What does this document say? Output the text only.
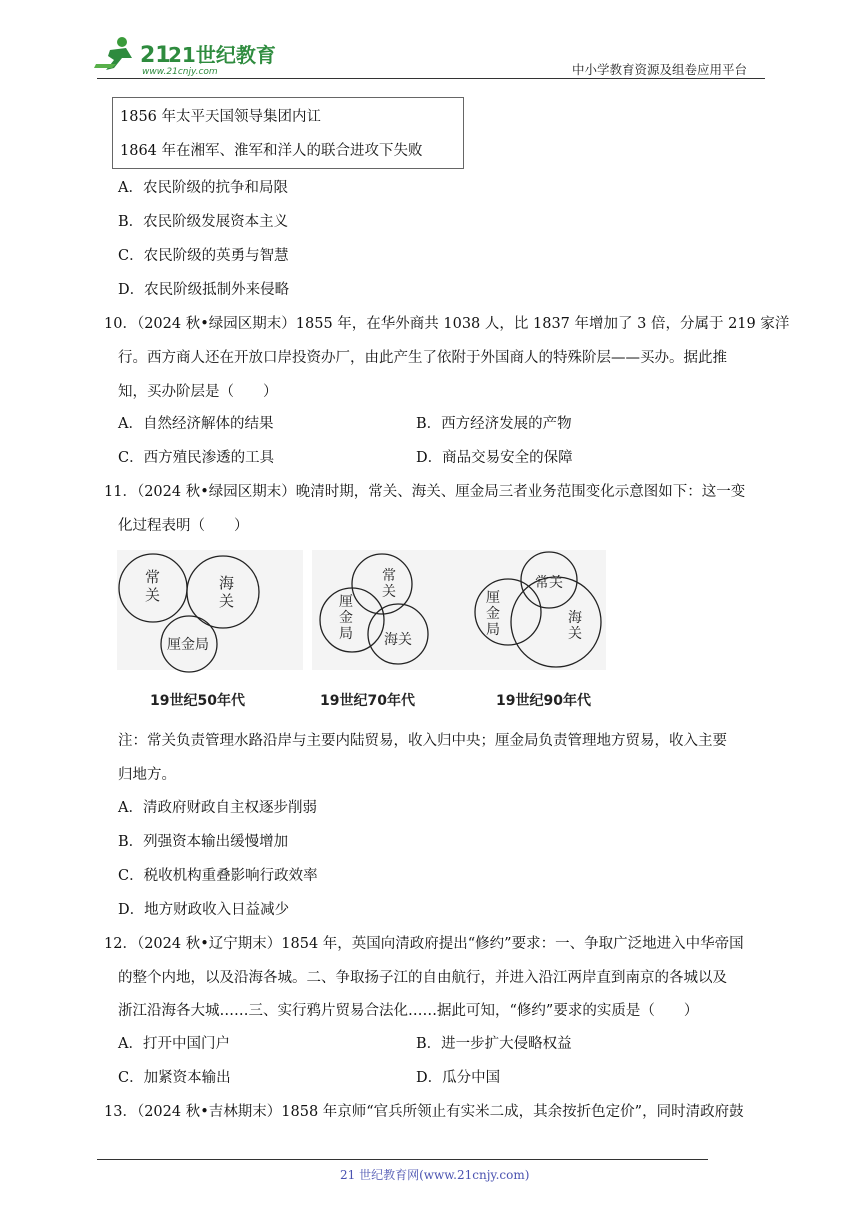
21
21世纪教育
www.21cnjy.com	中小学教育资源及组卷应用平台
1856 年太平天国领导集团内讧
1864 年在湘军、淮军和洋人的联合进攻下失败
A．农民阶级的抗争和局限
B．农民阶级发展资本主义
C．农民阶级的英勇与智慧
D．农民阶级抵制外来侵略
10．（2024 秋•绿园区期末）1855 年，在华外商共 1038 人，比 1837 年增加了 3 倍，分属于 219 家洋
行。西方商人还在开放口岸投资办厂，由此产生了依附于外国商人的特殊阶层——买办。据此推
知，买办阶层是（　　）
A．自然经济解体的结果	B．西方经济发展的产物
C．西方殖民渗透的工具	D．商品交易安全的保障
11．（2024 秋•绿园区期末）晚清时期，常关、海关、厘金局三者业务范围变化示意图如下：这一变
化过程表明（　　）
常
关
海
关
厘金局
19世纪50年代
常
关
厘
金
局 海关
19世纪70年代
常关
厘
金
局
海
关
19世纪90年代
注：常关负责管理水路沿岸与主要内陆贸易，收入归中央；厘金局负责管理地方贸易，收入主要
归地方。
A．清政府财政自主权逐步削弱
B．列强资本输出缓慢增加
C．税收机构重叠影响行政效率
D．地方财政收入日益减少
12．（2024 秋•辽宁期末）1854 年，英国向清政府提出“修约”要求：一、争取广泛地进入中华帝国
的整个内地，以及沿海各城。二、争取扬子江的自由航行，并进入沿江两岸直到南京的各城以及
浙江沿海各大城……三、实行鸦片贸易合法化……据此可知，“修约”要求的实质是（　　）
A．打开中国门户	B．进一步扩大侵略权益
C．加紧资本输出	D．瓜分中国
13．（2024 秋•吉林期末）1858 年京师“官兵所领止有实米二成，其余按折色定价”，同时清政府鼓
21 世纪教育网(www.21cnjy.com)
